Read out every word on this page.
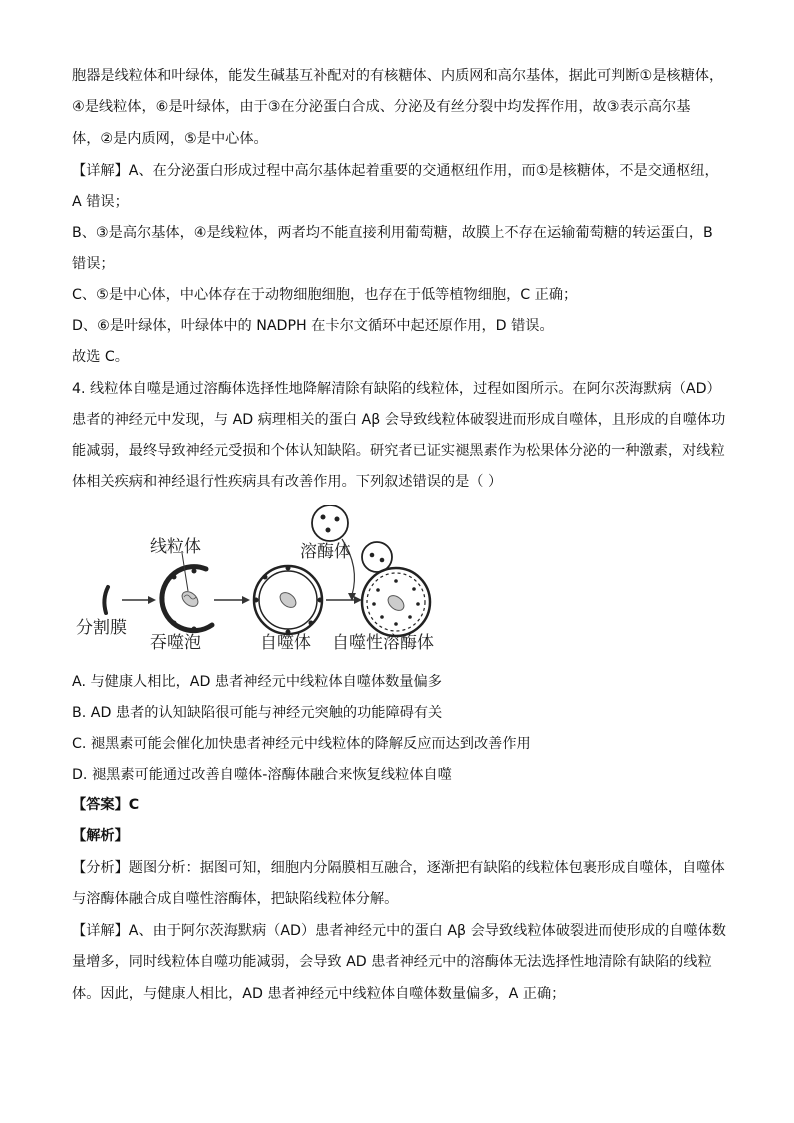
胞器是线粒体和叶绿体，能发生碱基互补配对的有核糖体、内质网和高尔基体，据此可判断①是核糖体，
④是线粒体，⑥是叶绿体，由于③在分泌蛋白合成、分泌及有丝分裂中均发挥作用，故③表示高尔基
体，②是内质网，⑤是中心体。
【详解】A、在分泌蛋白形成过程中高尔基体起着重要的交通枢纽作用，而①是核糖体，不是交通枢纽，
A 错误；
B、③是高尔基体，④是线粒体，两者均不能直接利用葡萄糖，故膜上不存在运输葡萄糖的转运蛋白，B
错误；
C、⑤是中心体，中心体存在于动物细胞细胞，也存在于低等植物细胞，C 正确；
D、⑥是叶绿体，叶绿体中的 NADPH 在卡尔文循环中起还原作用，D 错误。
故选 C。
4. 线粒体自噬是通过溶酶体选择性地降解清除有缺陷的线粒体，过程如图所示。在阿尔茨海默病（AD）
患者的神经元中发现，与 AD 病理相关的蛋白 Aβ 会导致线粒体破裂进而形成自噬体，且形成的自噬体功
能减弱，最终导致神经元受损和个体认知缺陷。研究者已证实褪黑素作为松果体分泌的一种激素，对线粒
体相关疾病和神经退行性疾病具有改善作用。下列叙述错误的是（ ）
分割膜
线粒体
吞噬泡	自噬体
溶酶体
自噬性溶酶体
A. 与健康人相比，AD 患者神经元中线粒体自噬体数量偏多
B. AD 患者的认知缺陷很可能与神经元突触的功能障碍有关
C. 褪黑素可能会催化加快患者神经元中线粒体的降解反应而达到改善作用
D. 褪黑素可能通过改善自噬体-溶酶体融合来恢复线粒体自噬
【答案】C
【解析】
【分析】题图分析：据图可知，细胞内分隔膜相互融合，逐渐把有缺陷的线粒体包裹形成自噬体，自噬体
与溶酶体融合成自噬性溶酶体，把缺陷线粒体分解。
【详解】A、由于阿尔茨海默病（AD）患者神经元中的蛋白 Aβ 会导致线粒体破裂进而使形成的自噬体数
量增多，同时线粒体自噬功能减弱，会导致 AD 患者神经元中的溶酶体无法选择性地清除有缺陷的线粒
体。因此，与健康人相比，AD 患者神经元中线粒体自噬体数量偏多，A 正确；
